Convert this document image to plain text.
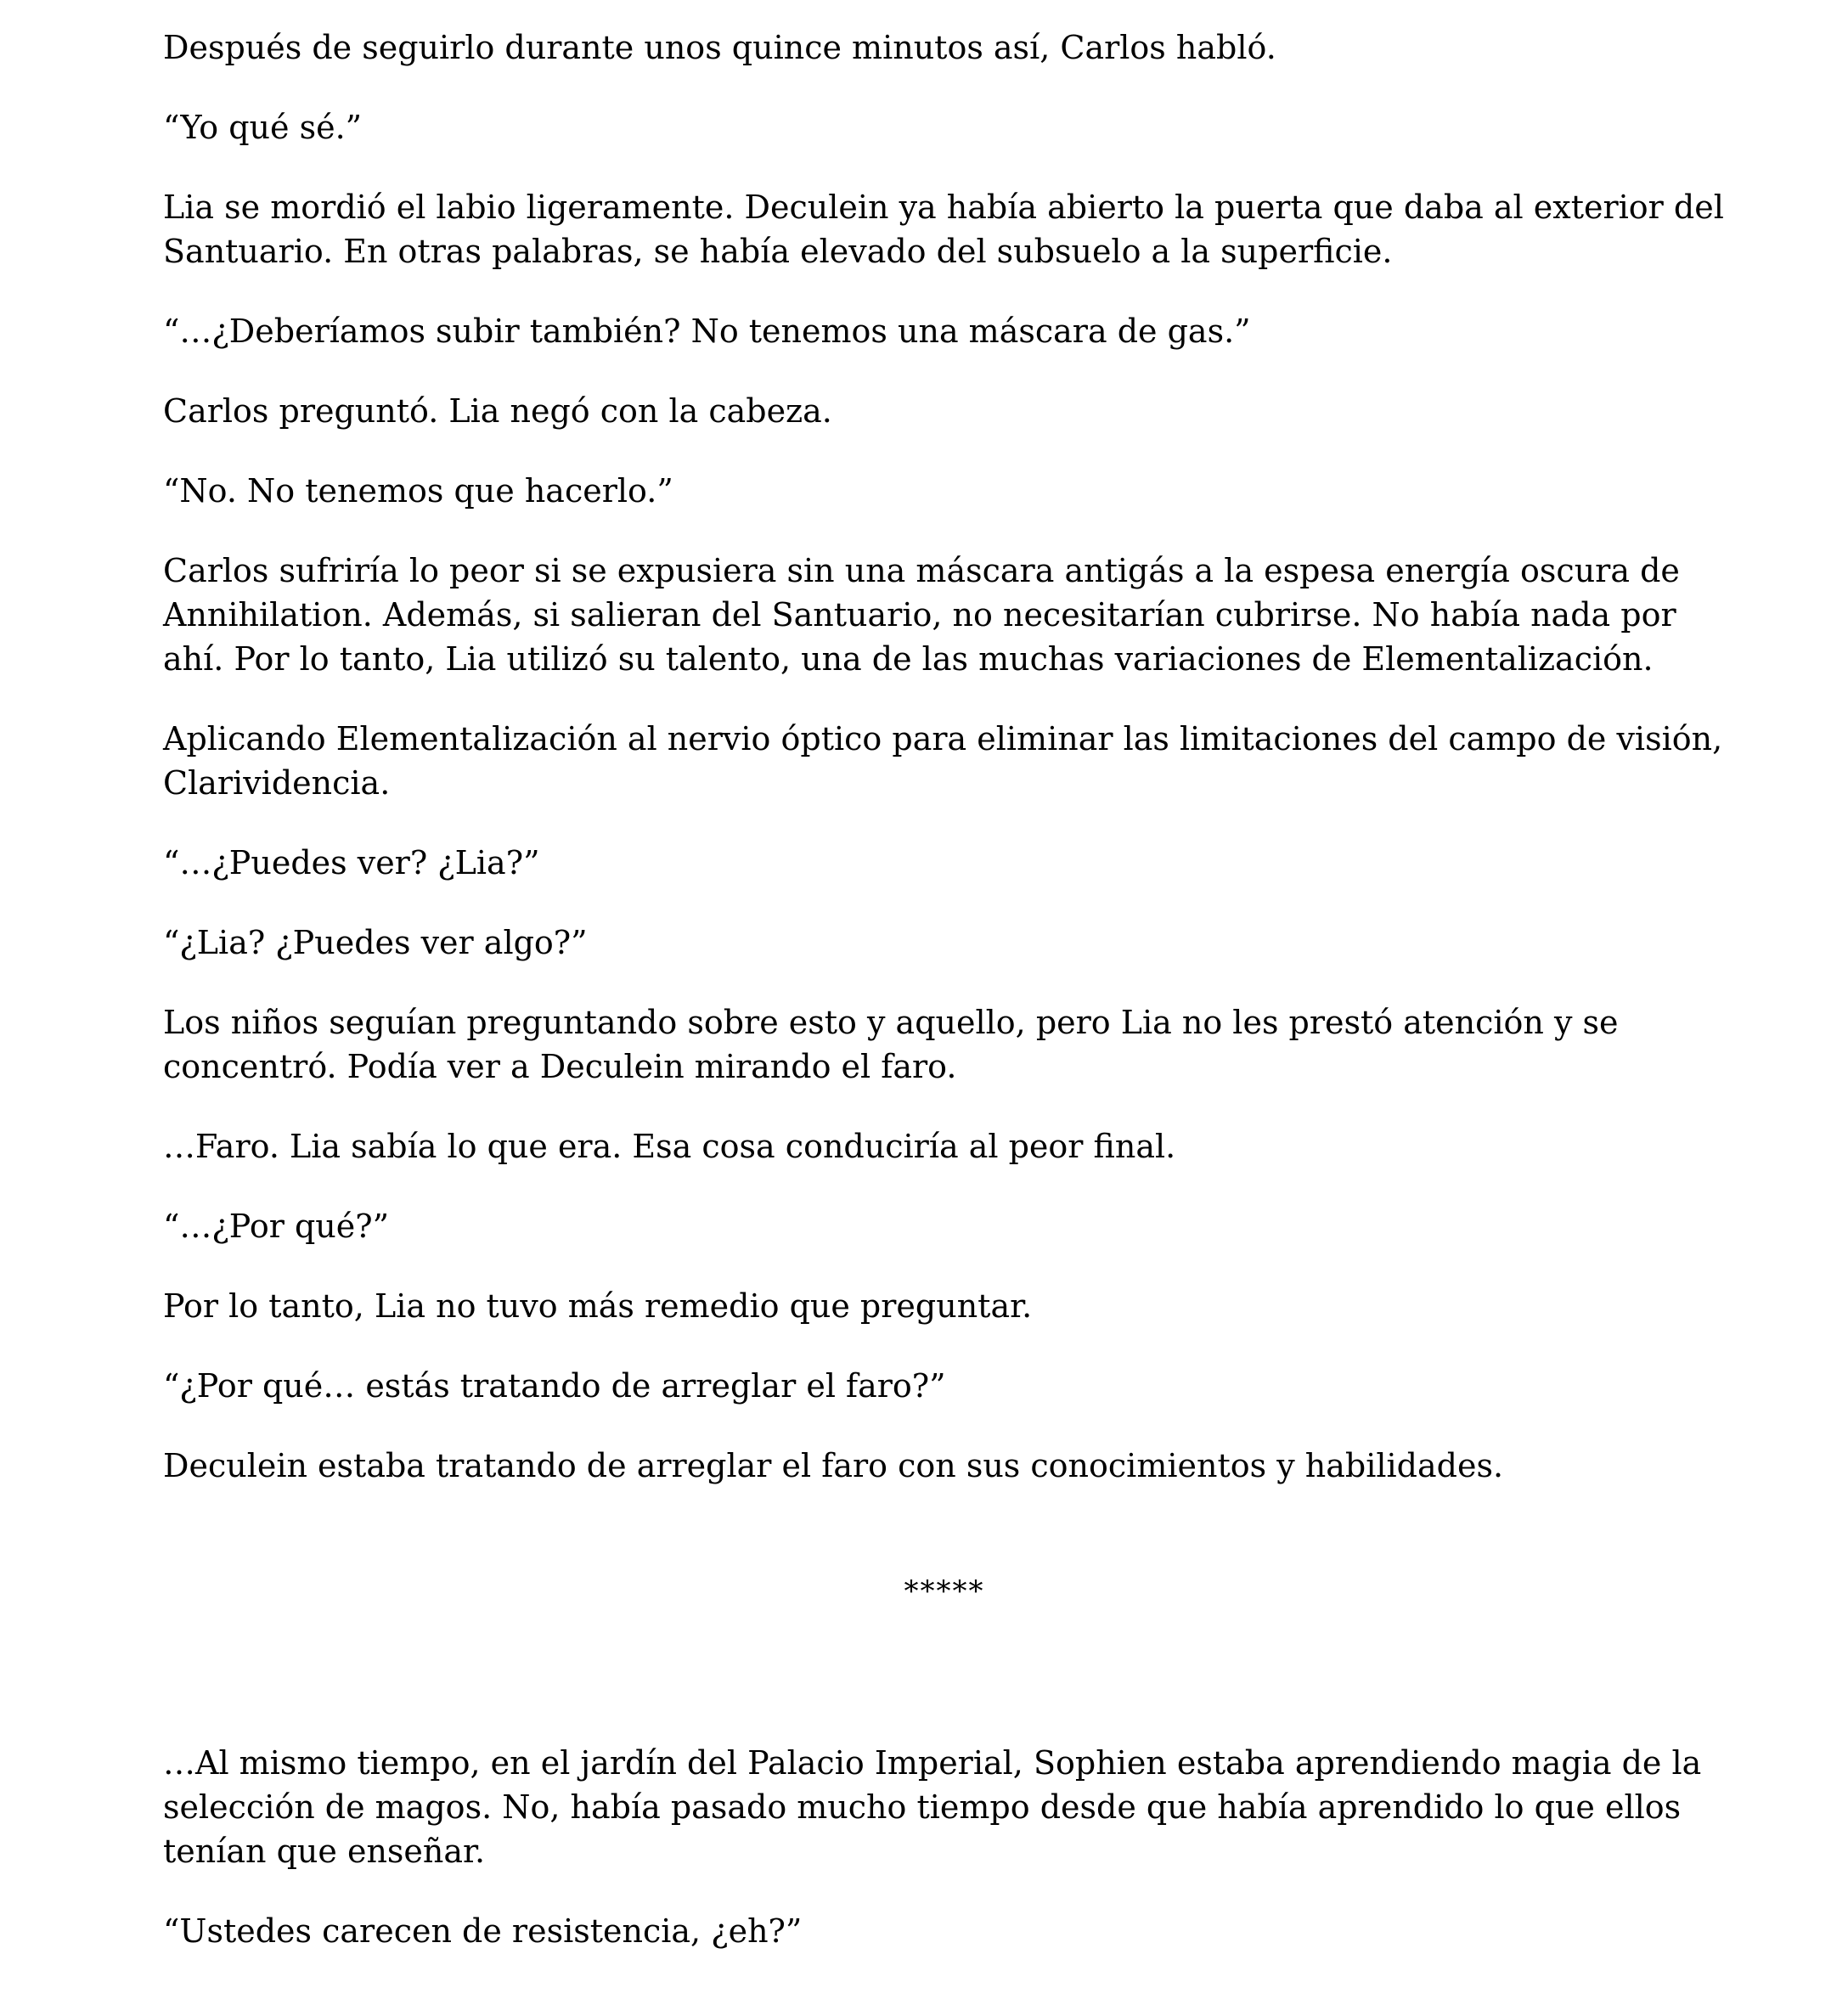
Después de seguirlo durante unos quince minutos así, Carlos habló.

“Yo qué sé.”

Lia se mordió el labio ligeramente. Deculein ya había abierto la puerta que daba al exterior del Santuario. En otras palabras, se había elevado del subsuelo a la superficie.

“…¿Deberíamos subir también? No tenemos una máscara de gas.”

Carlos preguntó. Lia negó con la cabeza.

“No. No tenemos que hacerlo.”

Carlos sufriría lo peor si se expusiera sin una máscara antigás a la espesa energía oscura de Annihilation. Además, si salieran del Santuario, no necesitarían cubrirse. No había nada por ahí. Por lo tanto, Lia utilizó su talento, una de las muchas variaciones de Elementalización.

Aplicando Elementalización al nervio óptico para eliminar las limitaciones del campo de visión, Clarividencia.

“…¿Puedes ver? ¿Lia?”

“¿Lia? ¿Puedes ver algo?”

Los niños seguían preguntando sobre esto y aquello, pero Lia no les prestó atención y se concentró. Podía ver a Deculein mirando el faro.

…Faro. Lia sabía lo que era. Esa cosa conduciría al peor final.

“…¿Por qué?”

Por lo tanto, Lia no tuvo más remedio que preguntar.

“¿Por qué… estás tratando de arreglar el faro?”

Deculein estaba tratando de arreglar el faro con sus conocimientos y habilidades.

*****

…Al mismo tiempo, en el jardín del Palacio Imperial, Sophien estaba aprendiendo magia de la selección de magos. No, había pasado mucho tiempo desde que había aprendido lo que ellos tenían que enseñar.

“Ustedes carecen de resistencia, ¿eh?”
